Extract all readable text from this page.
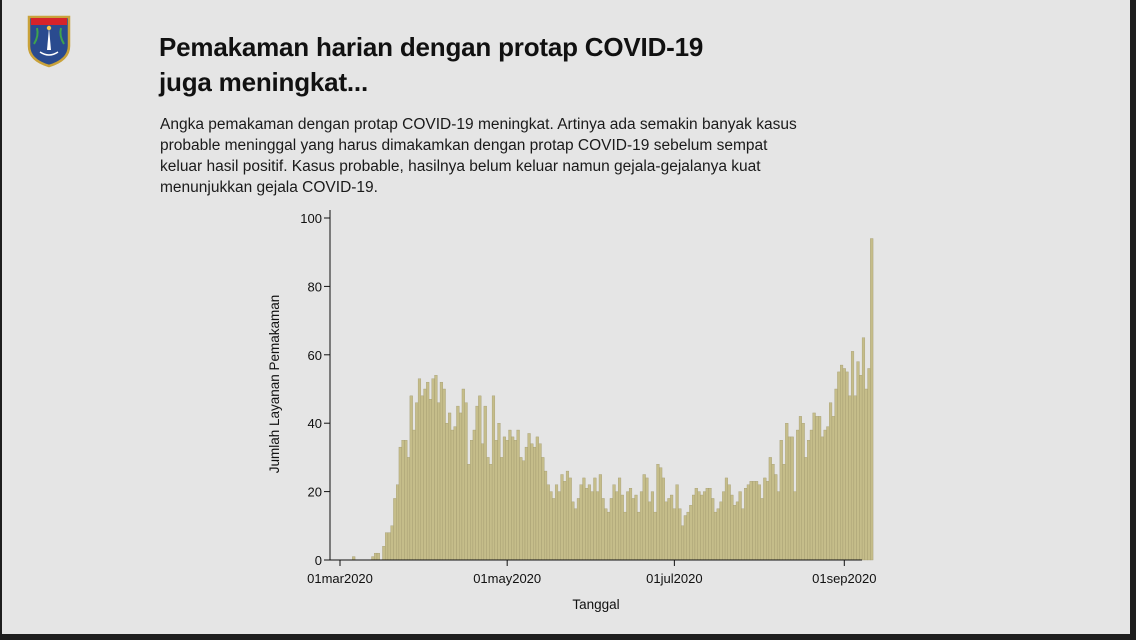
Pemakaman harian dengan protap COVID-19
juga meningkat...
Angka pemakaman dengan protap COVID-19 meningkat. Artinya ada semakin banyak kasus
probable meninggal yang harus dimakamkan dengan protap COVID-19 sebelum sempat
keluar hasil positif. Kasus probable, hasilnya belum keluar namun gejala-gejalanya kuat
menunjukkan gejala COVID-19.
0
20
40
60
80
100
01mar2020	01may2020	01jul2020	01sep2020
Tanggal
Jumlah Layanan Pemakaman
